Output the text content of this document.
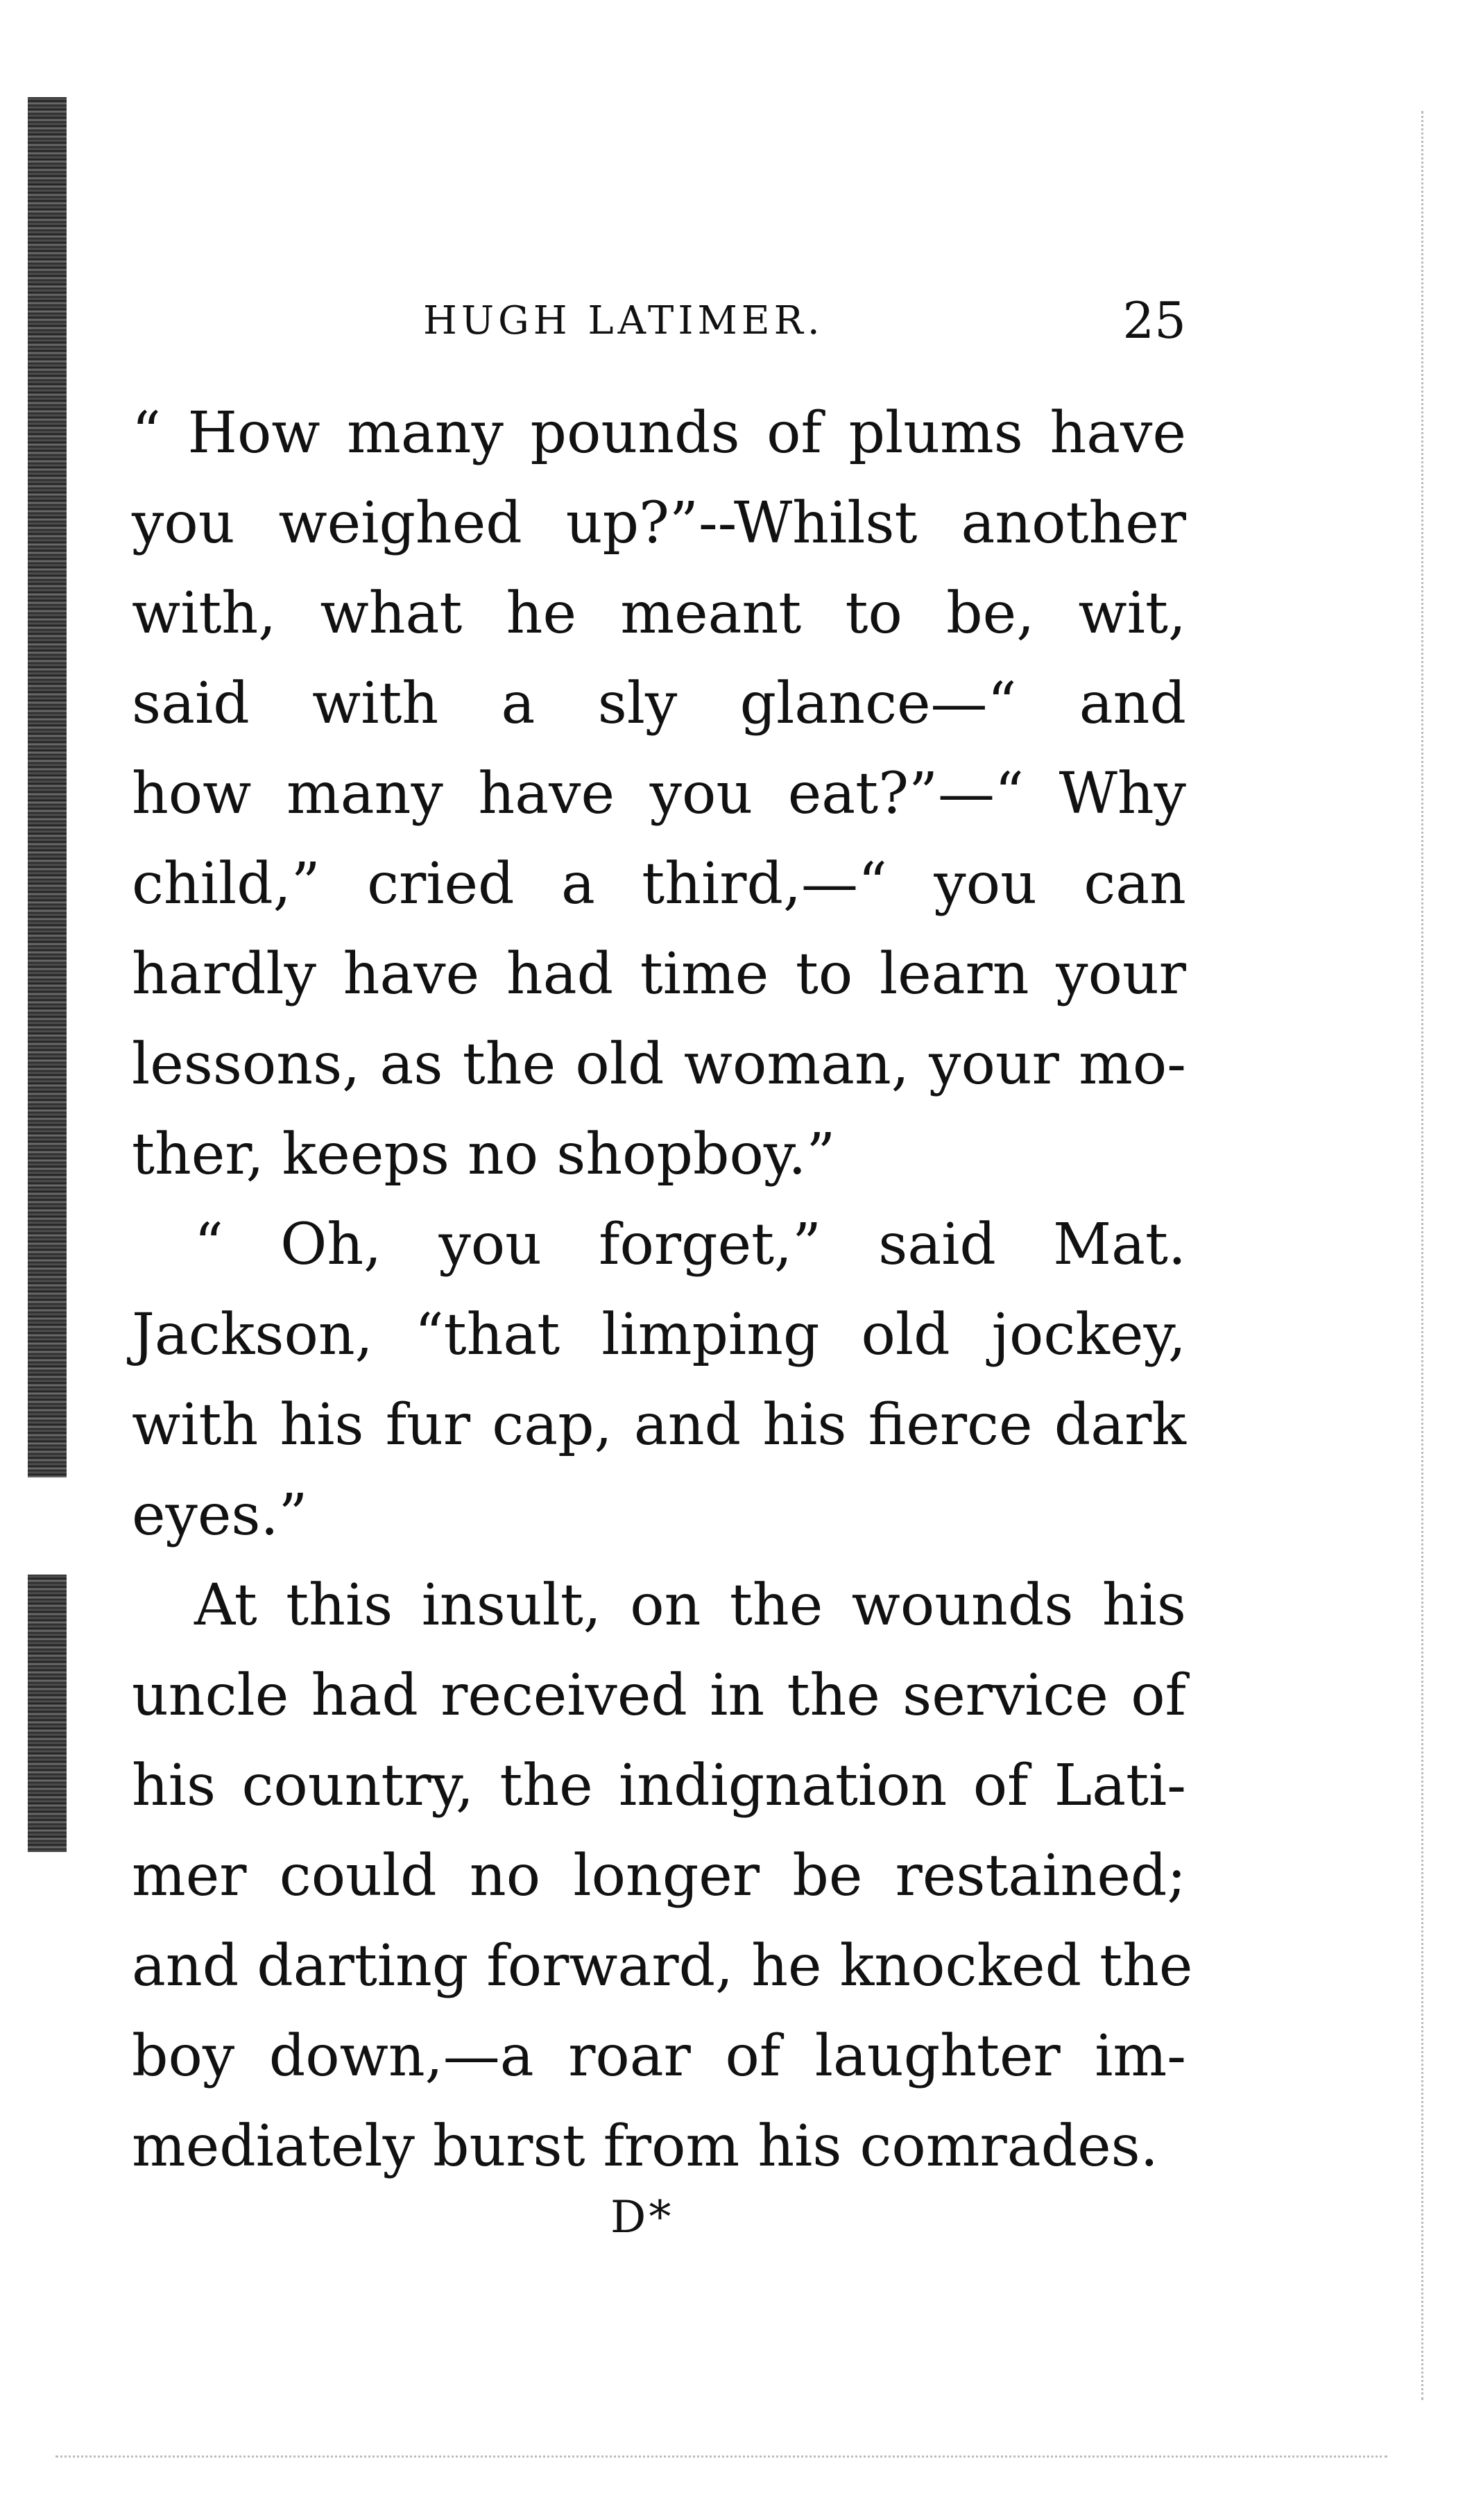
HUGH LATIMER.	25
“ How many pounds of plums have
you weighed up?”--Whilst another
with, what he meant to be, wit,
said with a sly glance—“ and
how many have you eat?”—“ Why
child,” cried a third,—“ you can
hardly have had time to learn your
lessons, as the old woman, your mo-
ther, keeps no shopboy.”
“ Oh, you forget,” said Mat.
Jackson, “that limping old jockey,
with his fur cap, and his fierce dark
eyes.”
At this insult, on the wounds his
uncle had received in the service of
his country, the indignation of Lati-
mer could no longer be restained;
and darting forward, he knocked the
boy down,—a roar of laughter im-
mediately burst from his comrades.
D*
